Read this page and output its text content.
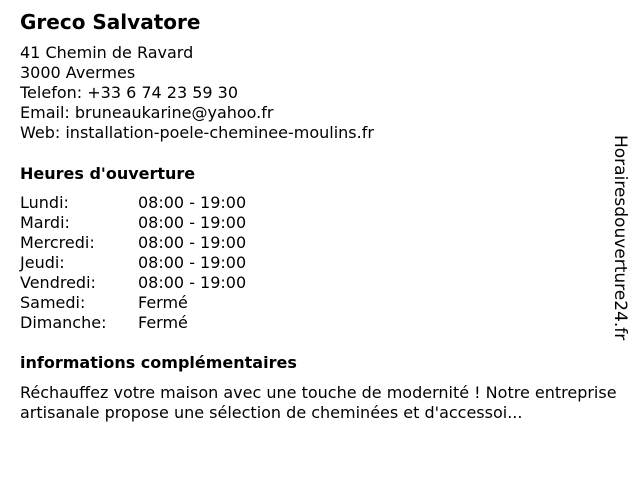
Greco Salvatore
41 Chemin de Ravard
3000 Avermes
Telefon: +33 6 74 23 59 30
Email: bruneaukarine@yahoo.fr
Web: installation-poele-cheminee-moulins.fr
Heures d'ouverture
Lundi:	08:00 - 19:00
Mardi:	08:00 - 19:00
Mercredi:	08:00 - 19:00
Jeudi:	08:00 - 19:00
Vendredi:	08:00 - 19:00
Samedi:	Fermé
Dimanche: Fermé
informations complémentaires
Réchauffez votre maison avec une touche de modernité ! Notre entreprise artisanale propose une sélection de cheminées et d'accessoi...
Horairesdouverture24.fr
